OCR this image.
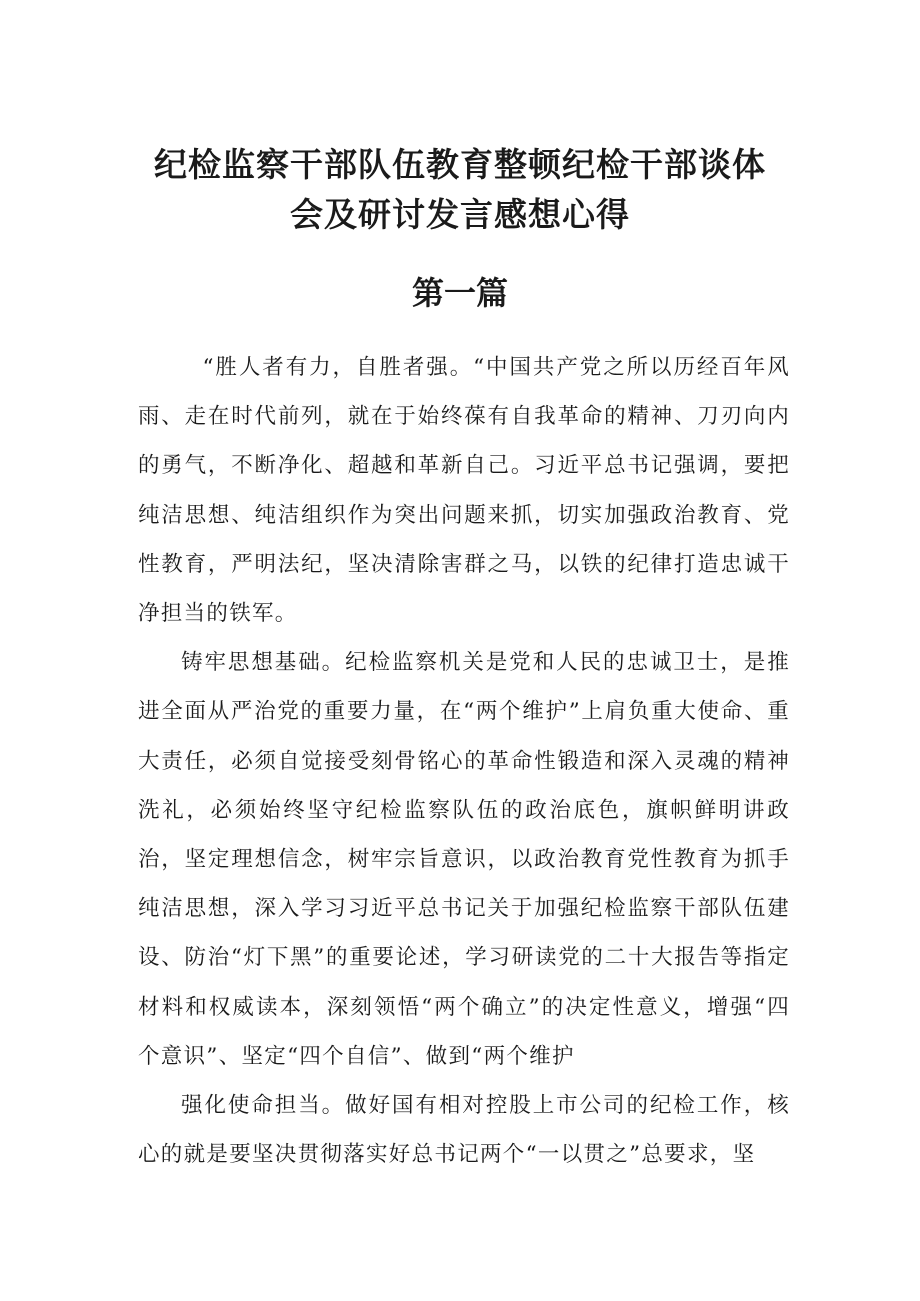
纪检监察干部队伍教育整顿纪检干部谈体
会及研讨发言感想心得
第一篇

“胜人者有力，自胜者强。“中国共产党之所以历经百年风雨、走在时代前列，就在于始终葆有自我革命的精神、刀刃向内的勇气，不断净化、超越和革新自己。习近平总书记强调，要把纯洁思想、纯洁组织作为突出问题来抓，切实加强政治教育、党性教育，严明法纪，坚决清除害群之马，以铁的纪律打造忠诚干净担当的铁军。

铸牢思想基础。纪检监察机关是党和人民的忠诚卫士，是推进全面从严治党的重要力量，在“两个维护”上肩负重大使命、重大责任，必须自觉接受刻骨铭心的革命性锻造和深入灵魂的精神洗礼，必须始终坚守纪检监察队伍的政治底色，旗帜鲜明讲政治，坚定理想信念，树牢宗旨意识，以政治教育党性教育为抓手纯洁思想，深入学习习近平总书记关于加强纪检监察干部队伍建设、防治“灯下黑”的重要论述，学习研读党的二十大报告等指定材料和权威读本，深刻领悟“两个确立”的决定性意义，增强“四个意识”、坚定“四个自信”、做到“两个维护

强化使命担当。做好国有相对控股上市公司的纪检工作，核心的就是要坚决贯彻落实好总书记两个“一以贯之”总要求，坚
